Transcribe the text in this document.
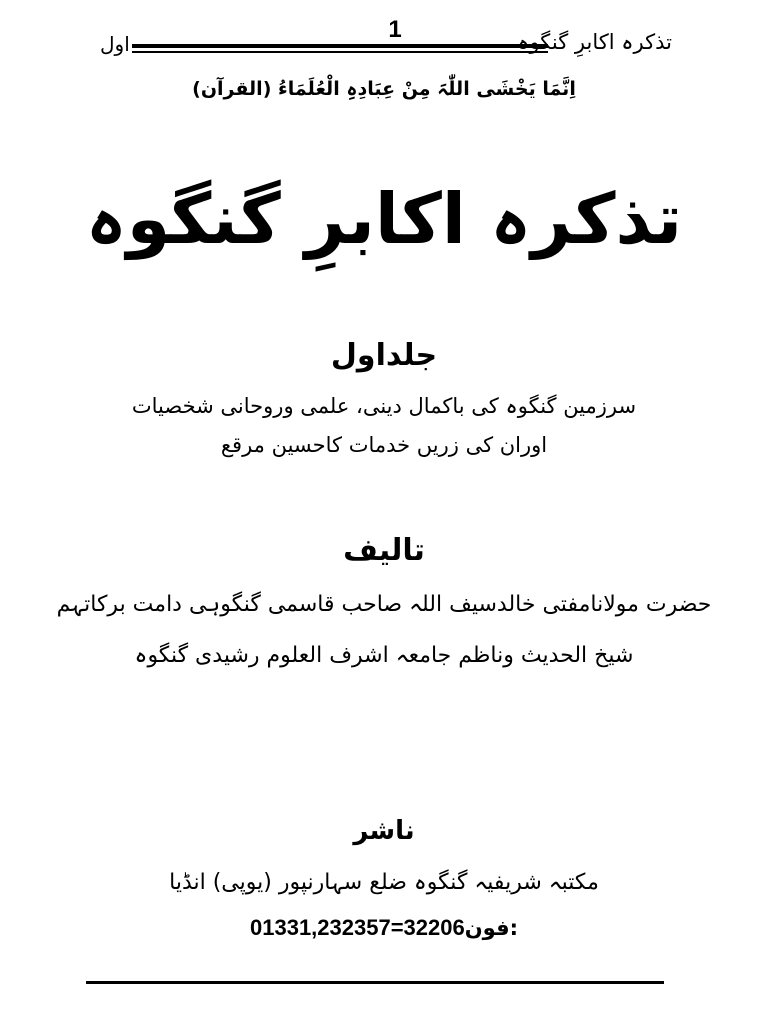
1	تذکرہ اکابرِ گنگوہ
اول
اِنَّمَا یَخْشَی اللّٰہَ مِنْ عِبَادِہِ الْعُلَمَاءُ (القرآن)
تذکرہ اکابرِ گنگوہ
جلداول
سرزمین گنگوہ کی باکمال دینی، علمی وروحانی شخصیات
اوران کی زریں خدمات کاحسین مرقع
تالیف
حضرت مولانامفتی خالدسیف اللہ صاحب قاسمی گنگوہی دامت برکاتہم
شیخ الحدیث وناظم جامعہ اشرف العلوم رشیدی گنگوہ
ناشر
مکتبہ شریفیہ گنگوہ ضلع سہارنپور (یوپی) انڈیا
01331,232357=32206فون:
